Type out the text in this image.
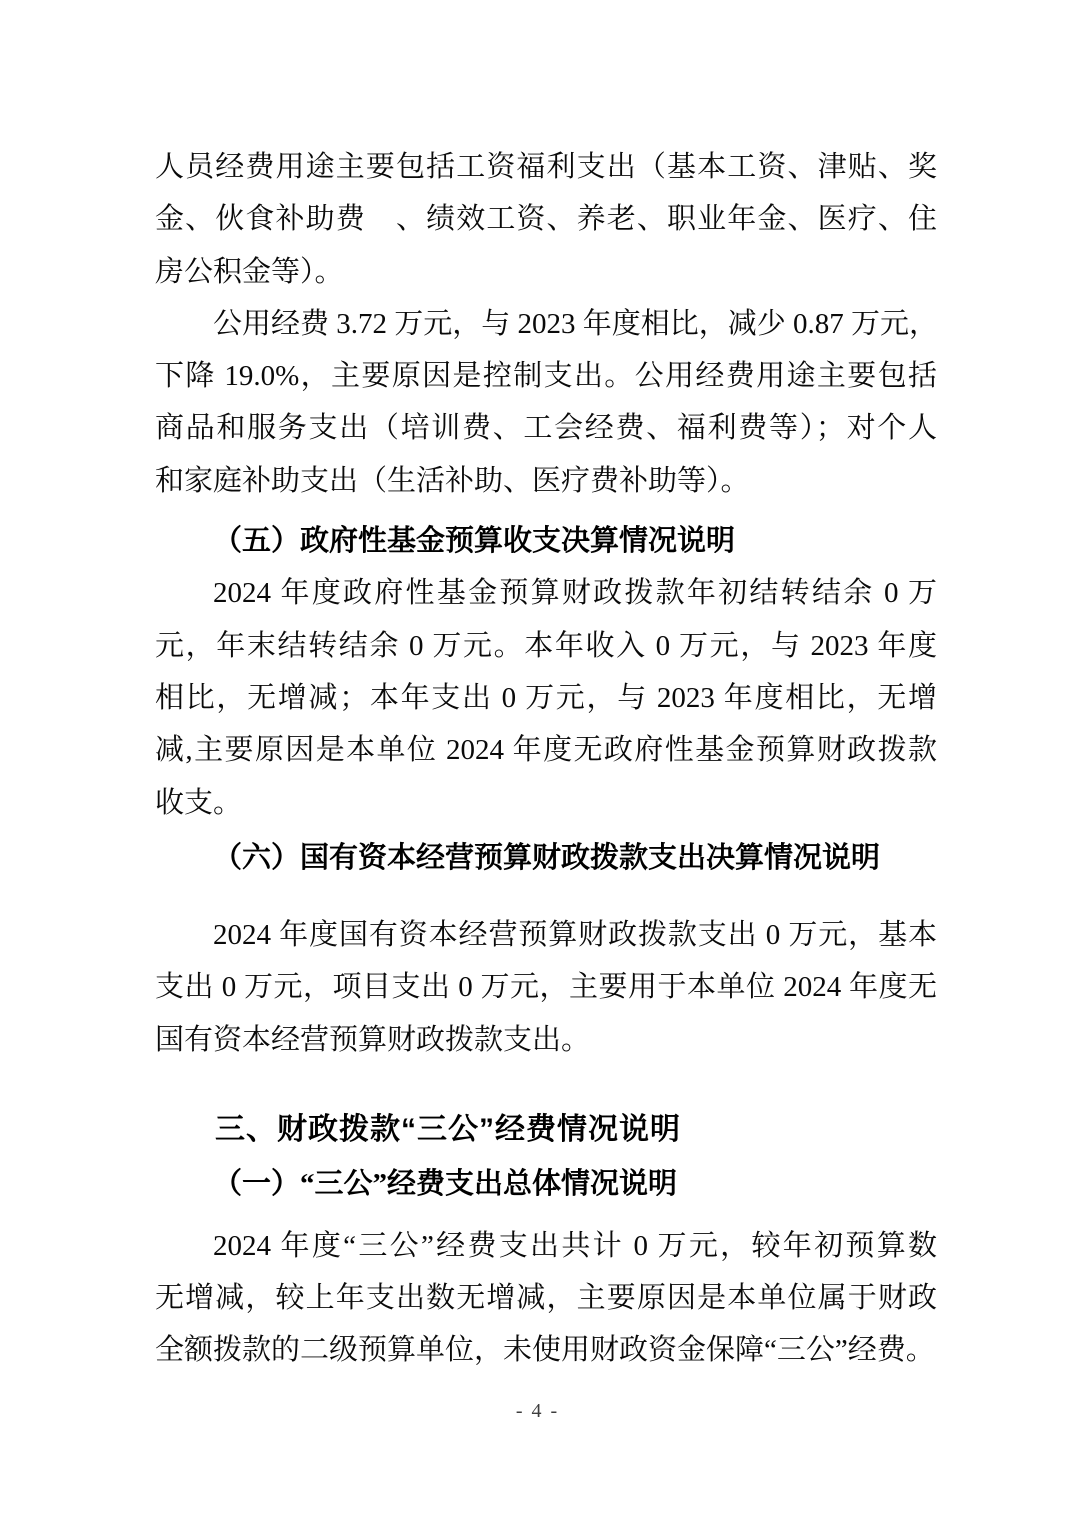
人员经费用途主要包括工资福利支出（基本工资、津贴、奖
金、伙食补助费　、绩效工资、养老、职业年金、医疗、住
房公积金等）。
公用经费 3.72 万元，与 2023 年度相比，减少 0.87 万元，
下降 19.0%，主要原因是控制支出。公用经费用途主要包括
商品和服务支出（培训费、工会经费、福利费等）；对个人
和家庭补助支出（生活补助、医疗费补助等）。
（五）政府性基金预算收支决算情况说明
2024 年度政府性基金预算财政拨款年初结转结余 0 万
元，年末结转结余 0 万元。本年收入 0 万元，与 2023 年度
相比，无增减；本年支出 0 万元，与 2023 年度相比，无增
减,主要原因是本单位 2024 年度无政府性基金预算财政拨款
收支。
（六）国有资本经营预算财政拨款支出决算情况说明
2024 年度国有资本经营预算财政拨款支出 0 万元，基本
支出 0 万元，项目支出 0 万元，主要用于本单位 2024 年度无
国有资本经营预算财政拨款支出。
三、财政拨款“三公”经费情况说明
（一）“三公”经费支出总体情况说明
2024 年度“三公”经费支出共计 0 万元，较年初预算数
无增减，较上年支出数无增减，主要原因是本单位属于财政
全额拨款的二级预算单位，未使用财政资金保障“三公”经费。
- 4 -
